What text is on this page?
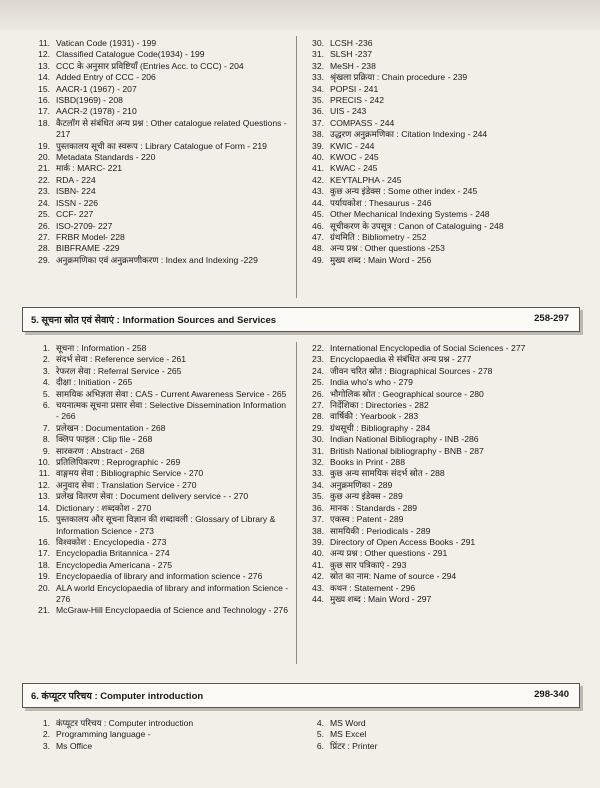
11. Vatican Code (1931) - 199
12. Classified Catalogue Code(1934) - 199
13. CCC के अनुसार प्रविष्टियाँ (Entries Acc. to CCC) - 204
14. Added Entry of CCC - 206
15. AACR-1 (1967) - 207
16. ISBD(1969) - 208
17. AACR-2 (1978) - 210
18. कैटलॉग से संबंधित अन्य प्रश्न : Other catalogue related Questions - 217
19. पुस्तकालय सूची का स्वरूप : Library Catalogue of Form - 219
20. Metadata Standards - 220
21. मार्क : MARC- 221
22. RDA - 224
23. ISBN- 224
24. ISSN - 226
25. CCF- 227
26. ISO-2709- 227
27. FRBR Model- 228
28. BIBFRAME -229
29. अनुक्रमणिका एवं अनुक्रमणीकरण : Index and Indexing -229
30. LCSH -236
31. SLSH -237
32. MeSH - 238
33. श्रृंखला प्रक्रिया : Chain procedure - 239
34. POPSI - 241
35. PRECIS - 242
36. UIS - 243
37. COMPASS - 244
38. उद्धरण अनुक्रमणिका : Citation Indexing - 244
39. KWIC - 244
40. KWOC - 245
41. KWAC - 245
42. KEYTALPHA - 245
43. कुछ अन्य इंडेक्स : Some other index - 245
44. पर्यायकोश : Thesaurus - 246
45. Other Mechanical Indexing Systems - 248
46. सूचीकरण के उपसूत्र : Canon of Cataloguing - 248
47. ग्रंथमिति : Bibliometry - 252
48. अन्य प्रश्न : Other questions -253
49. मुख्य शब्द : Main Word - 256
5. सूचना स्रोत एवं सेवाएं : Information Sources and Services	258-297
1. सूचना : Information - 258
2. संदर्भ सेवा : Reference service - 261
3. रेफरल सेवा : Referral Service - 265
4. दीक्षा : Initiation - 265
5. सामयिक अभिज्ञता सेवा : CAS - Current Awareness Service - 265
6. चयनात्मक सूचना प्रसार सेवा : Selective Dissemination Information - 266
7. प्रलेखन : Documentation - 268
8. क्लिप फाइल : Clip file - 268
9. सारकरण : Abstract - 268
10. प्रतिलिपिकरण : Reprographic - 269
11. वाङ्गमय सेवा : Bibliographic Service - 270
12. अनुवाद सेवा : Translation Service - 270
13. प्रलेख वितरण सेवा : Document delivery service - - 270
14. Dictionary : शब्दकोश - 270
15. पुस्तकालय और सूचना विज्ञान की शब्दावली : Glossary of Library & Information Science - 273
16. विश्वकोश : Encyclopedia - 273
17. Encyclopadia Britannica - 274
18. Encyclopedia Americana - 275
19. Encyclopaedia of library and information science - 276
20. ALA world Encyclopaedia of library and information Science - 276
21. McGraw-Hill Encyclopaedia of Science and Technology - 276
22. International Encyclopedia of Social Sciences - 277
23. Encyclopaedia से संबंधित अन्य प्रश्न - 277
24. जीवन चरित स्रोत : Biographical Sources - 278
25. India who's who - 279
26. भौगोलिक स्रोत : Geographical source - 280
27. निर्देशिका : Directories - 282
28. वार्षिकी : Yearbook - 283
29. ग्रंथसूची : Bibliography - 284
30. Indian National Bibliography - INB -286
31. British National bibliography - BNB - 287
32. Books in Print - 288
33. कुछ अन्य सामयिक संदर्भ स्रोत - 288
34. अनुक्रमणिका - 289
35. कुछ अन्य इंडेक्स - 289
36. मानक : Standards - 289
37. एकस्व : Patent - 289
38. सामयिकी : Periodicals - 289
39. Directory of Open Access Books - 291
40. अन्य प्रश्न : Other questions - 291
41. कुछ सार पत्रिकाएं - 293
42. स्रोत का नाम: Name of source - 294
43. कथन : Statement - 296
44. मुख्य शब्द : Main Word - 297
6. कंप्यूटर परिचय : Computer introduction	298-340
1. कंप्यूटर परिचय : Computer introduction
2. Programming language -
3. Ms Office
4. MS Word
5. MS Excel
6. प्रिंटर : Printer
